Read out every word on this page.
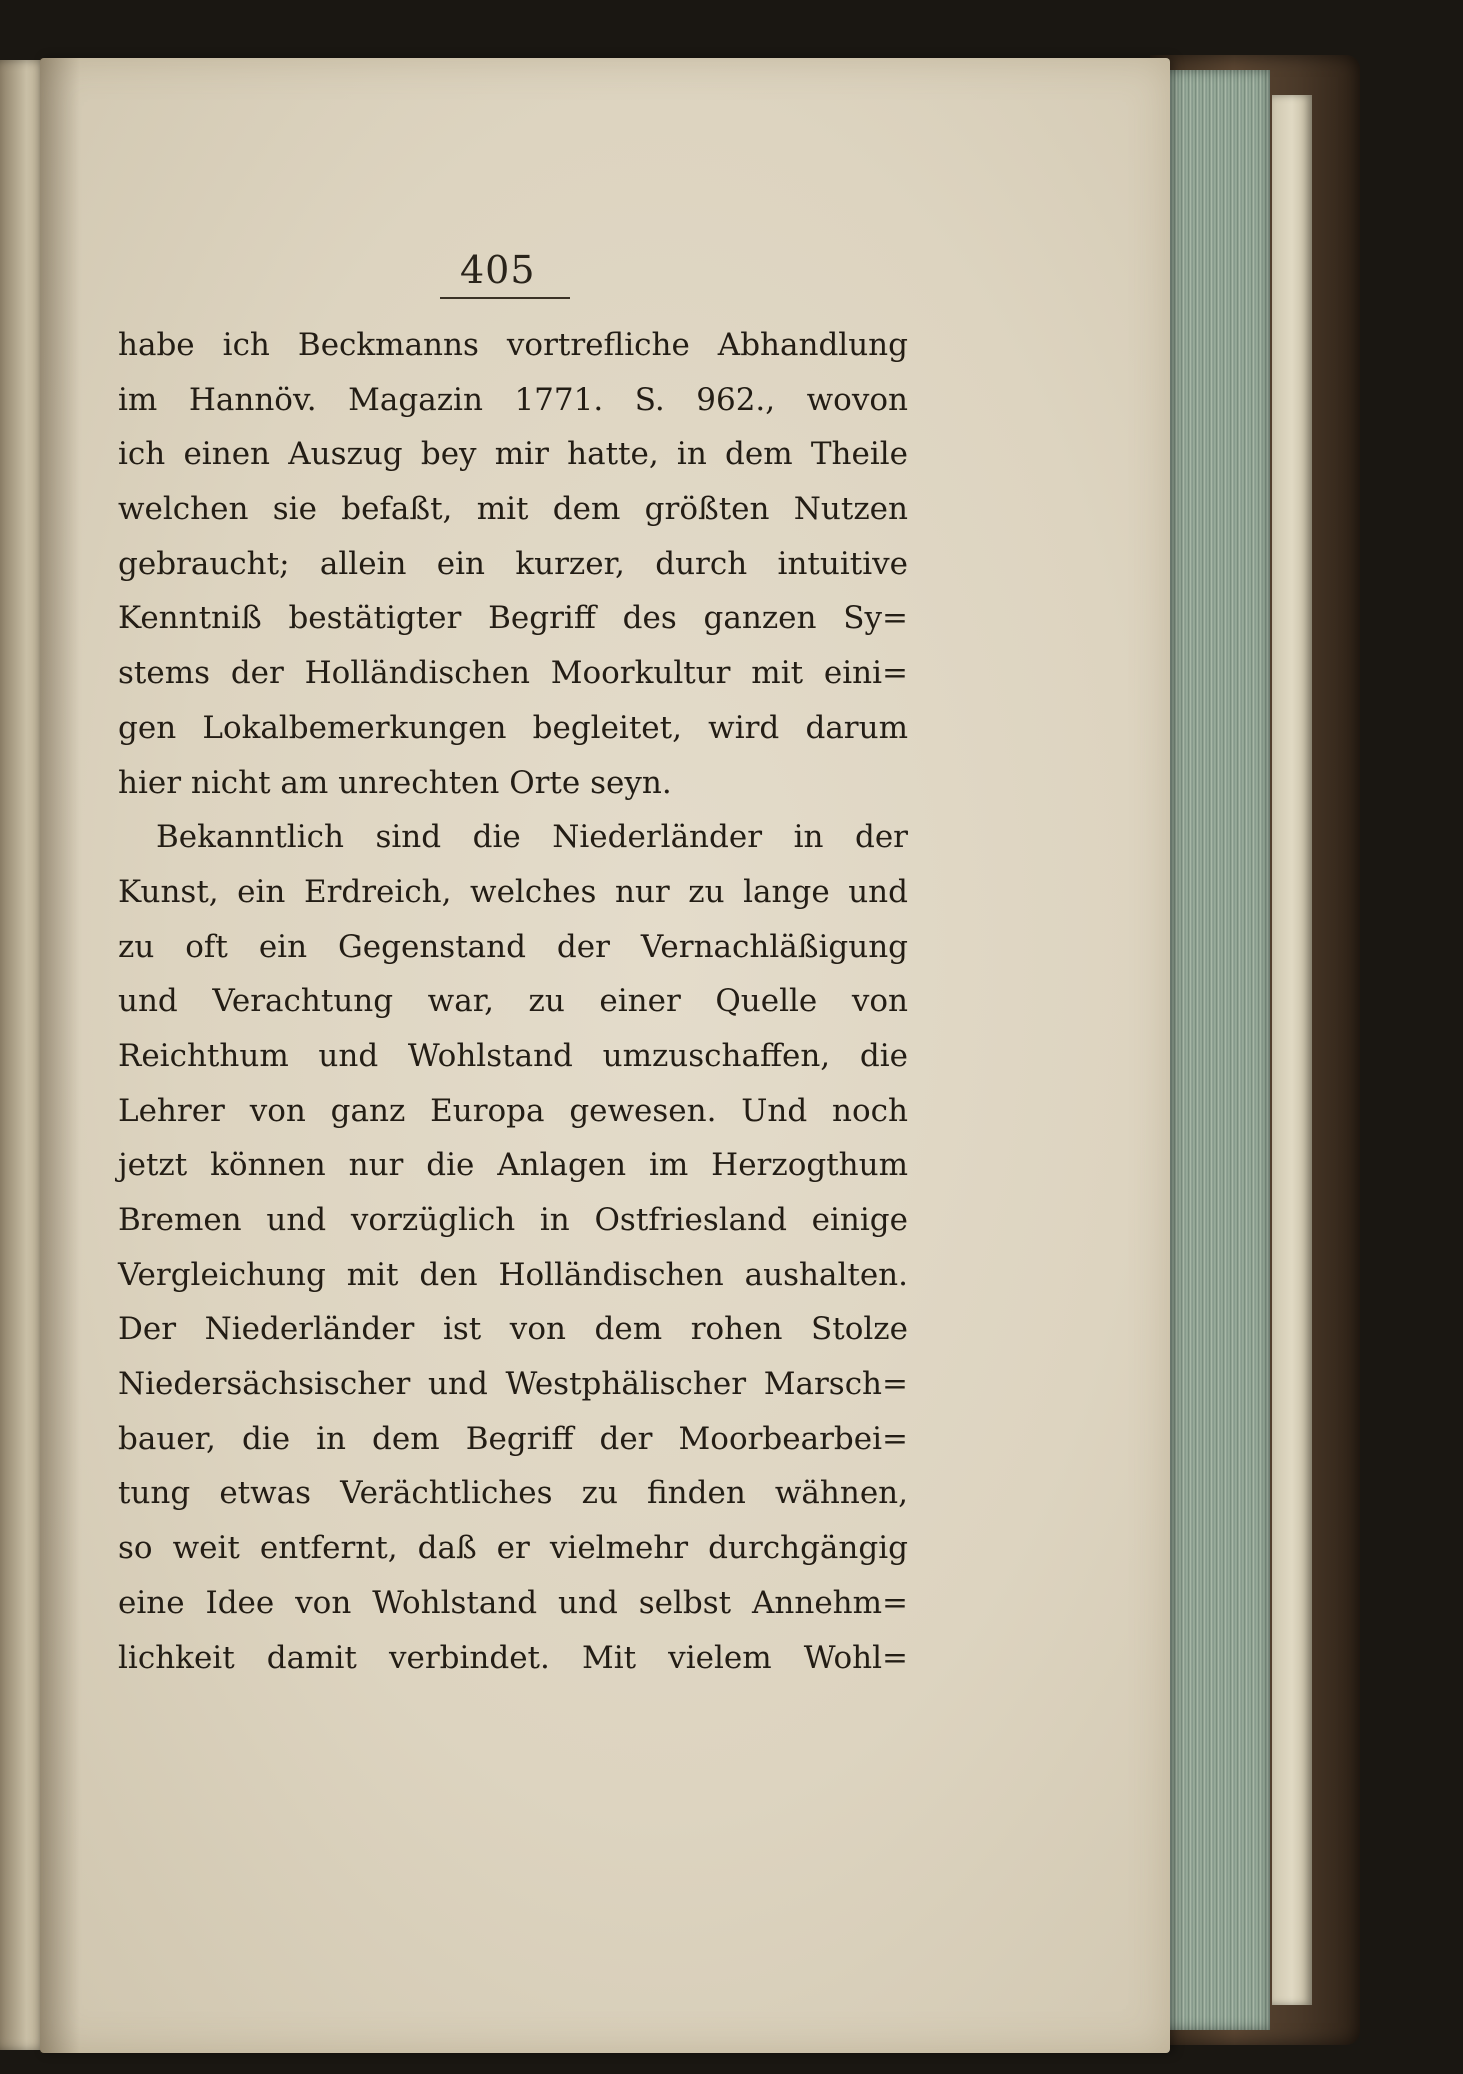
405
habe ich Beckmanns vortrefliche Abhandlung
im Hannöv. Magazin 1771. S. 962., wovon
ich einen Auszug bey mir hatte, in dem Theile
welchen sie befaßt, mit dem größten Nutzen
gebraucht; allein ein kurzer, durch intuitive
Kenntniß bestätigter Begriff des ganzen Sy=
stems der Holländischen Moorkultur mit eini=
gen Lokalbemerkungen begleitet, wird darum
hier nicht am unrechten Orte seyn.
Bekanntlich sind die Niederländer in der
Kunst, ein Erdreich, welches nur zu lange und
zu oft ein Gegenstand der Vernachläßigung
und Verachtung war, zu einer Quelle von
Reichthum und Wohlstand umzuschaffen, die
Lehrer von ganz Europa gewesen. Und noch
jetzt können nur die Anlagen im Herzogthum
Bremen und vorzüglich in Ostfriesland einige
Vergleichung mit den Holländischen aushalten.
Der Niederländer ist von dem rohen Stolze
Niedersächsischer und Westphälischer Marsch=
bauer, die in dem Begriff der Moorbearbei=
tung etwas Verächtliches zu finden wähnen,
so weit entfernt, daß er vielmehr durchgängig
eine Idee von Wohlstand und selbst Annehm=
lichkeit damit verbindet. Mit vielem Wohl=
